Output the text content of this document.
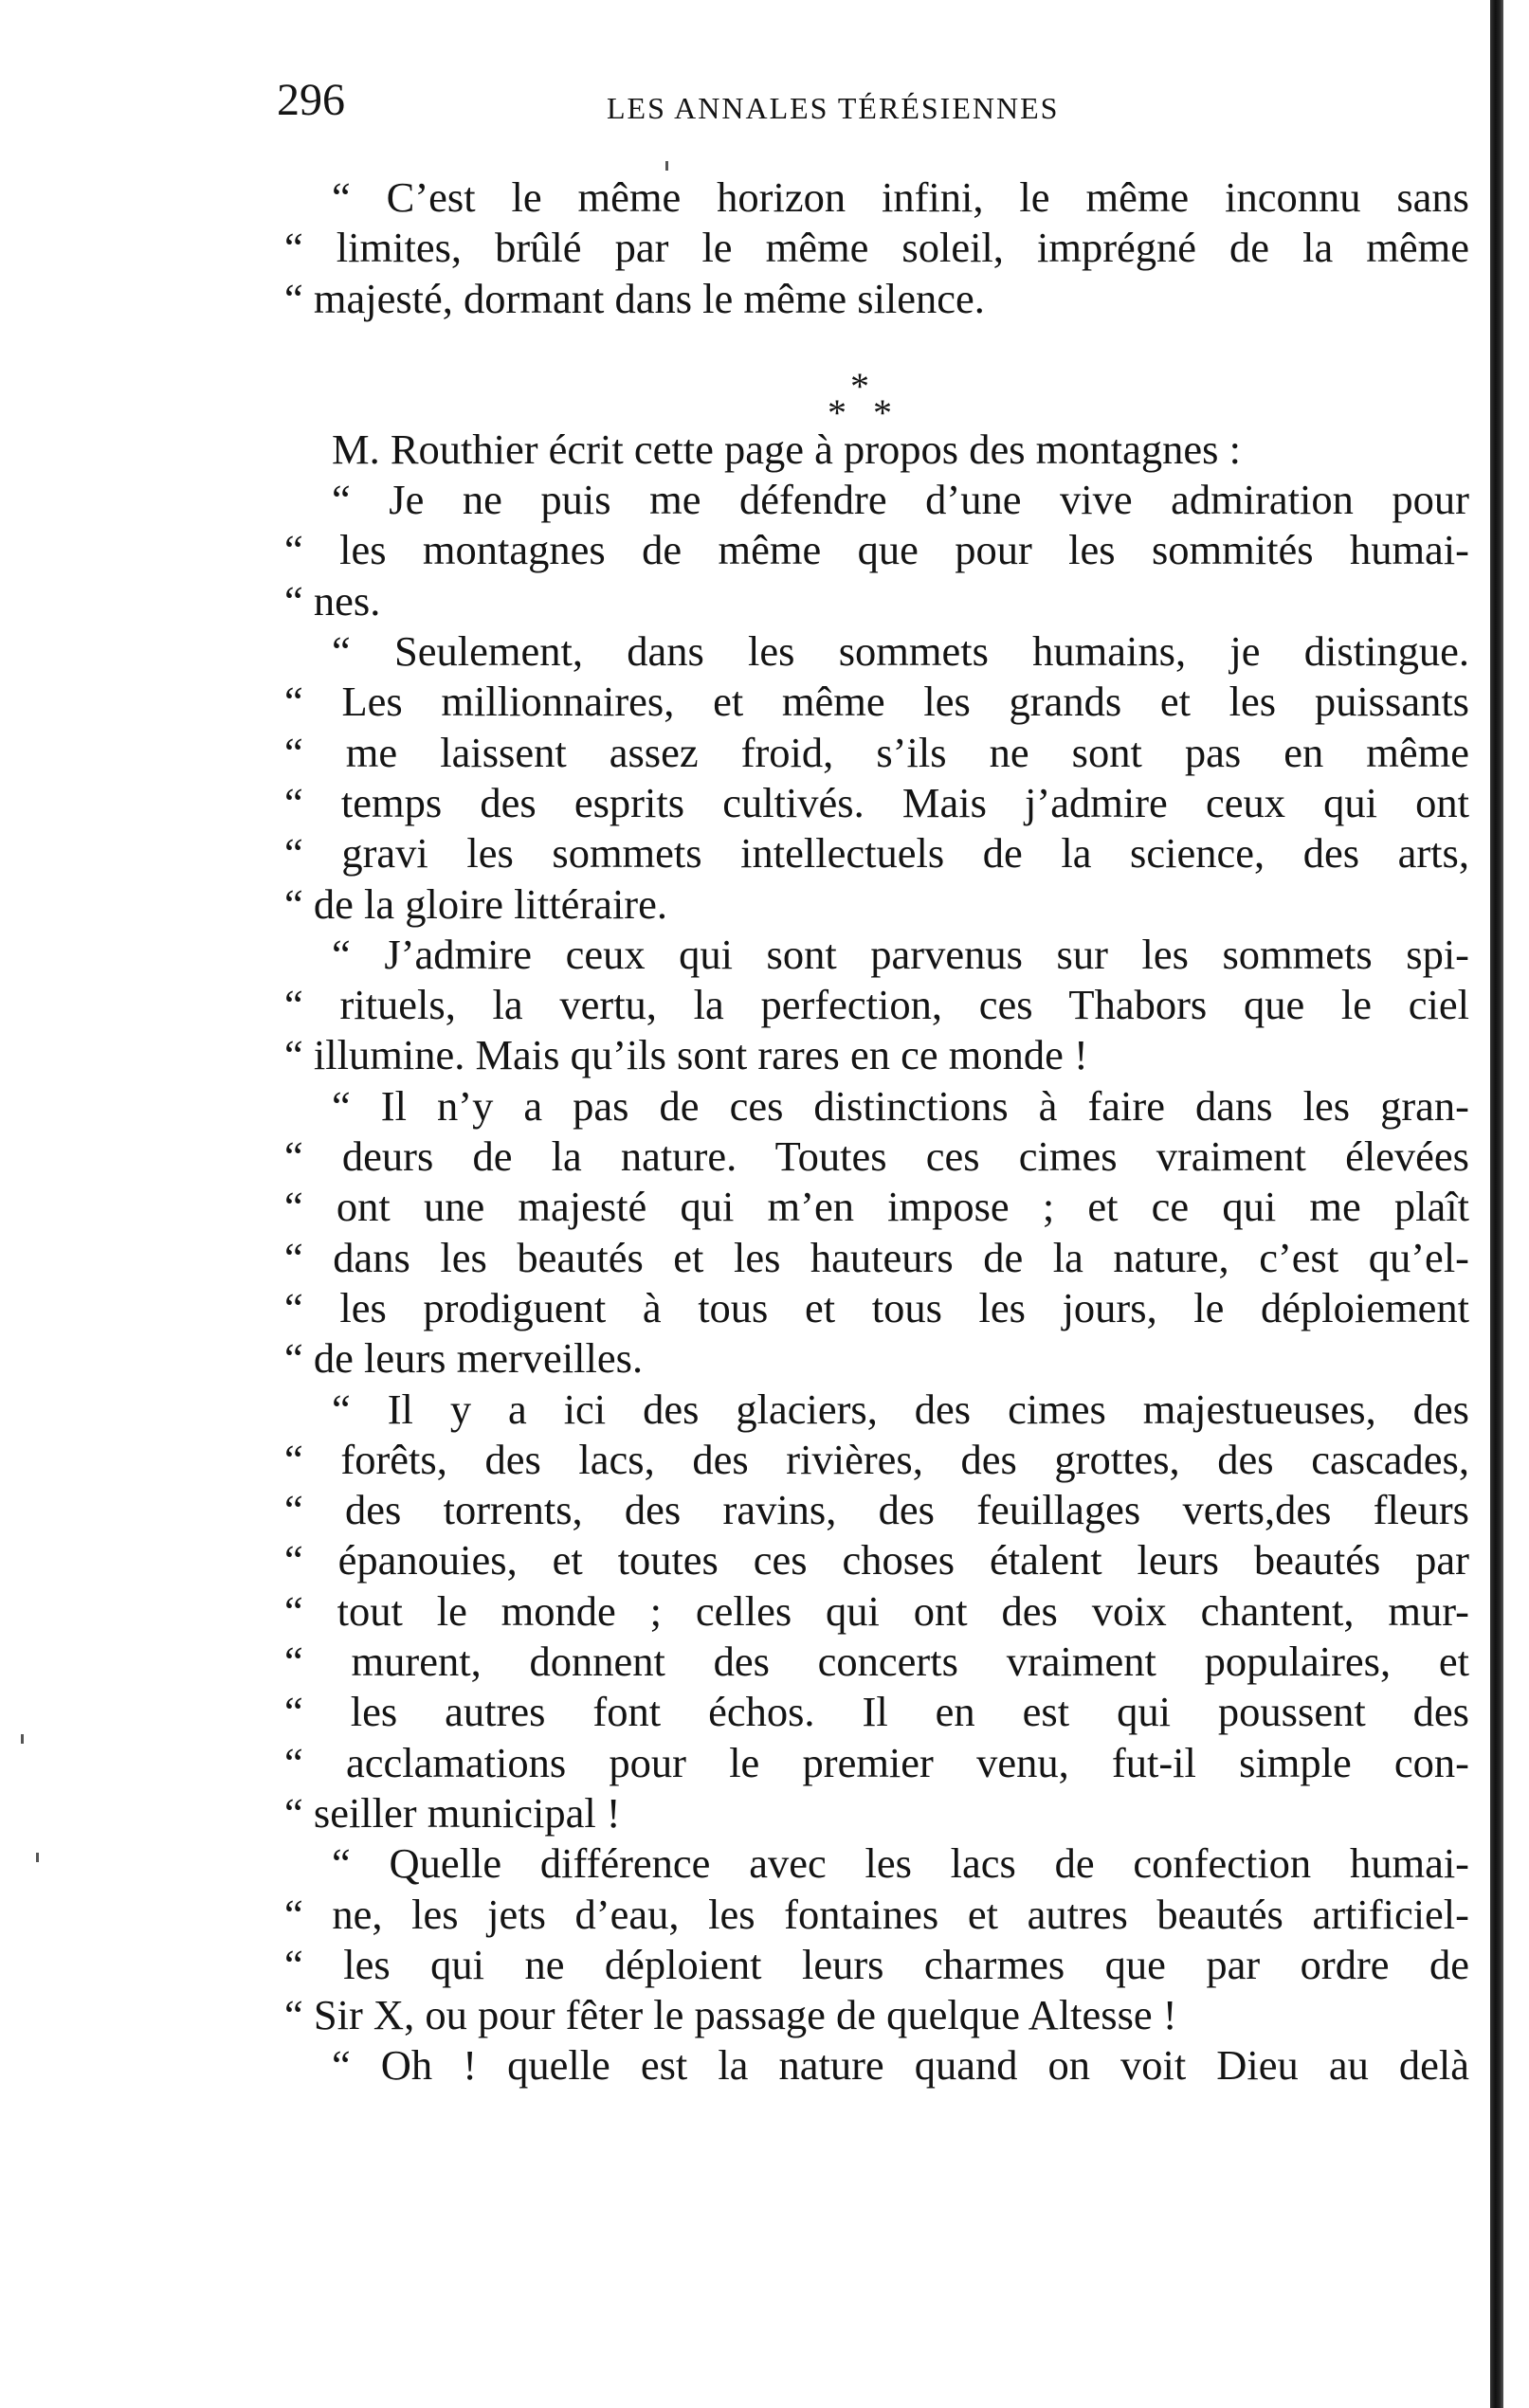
296	LES ANNALES TÉRÉSIENNES
“ C’est le même horizon infini, le même inconnu sans
“ limites, brûlé par le même soleil, imprégné de la même
“ majesté, dormant dans le même silence.
M. Routhier écrit cette page à propos des montagnes :
“ Je ne puis me défendre d’une vive admiration pour
“ les montagnes de même que pour les sommités humai-
“ nes.
“ Seulement, dans les sommets humains, je distingue.
“ Les millionnaires, et même les grands et les puissants
“ me laissent assez froid, s’ils ne sont pas en même
“ temps des esprits cultivés. Mais j’admire ceux qui ont
“ gravi les sommets intellectuels de la science, des arts,
“ de la gloire littéraire.
“ J’admire ceux qui sont parvenus sur les sommets spi-
“ rituels, la vertu, la perfection, ces Thabors que le ciel
“ illumine. Mais qu’ils sont rares en ce monde !
“ Il n’y a pas de ces distinctions à faire dans les gran-
“ deurs de la nature. Toutes ces cimes vraiment élevées
“ ont une majesté qui m’en impose ; et ce qui me plaît
“ dans les beautés et les hauteurs de la nature, c’est qu’el-
“ les prodiguent à tous et tous les jours, le déploiement
“ de leurs merveilles.
“ Il y a ici des glaciers, des cimes majestueuses, des
“ forêts, des lacs, des rivières, des grottes, des cascades,
“ des torrents, des ravins, des feuillages verts,des fleurs
“ épanouies, et toutes ces choses étalent leurs beautés par
“ tout le monde ; celles qui ont des voix chantent, mur-
“ murent, donnent des concerts vraiment populaires, et
“ les autres font échos. Il en est qui poussent des
“ acclamations pour le premier venu, fut-il simple con-
“ seiller municipal !
“ Quelle différence avec les lacs de confection humai-
“ ne, les jets d’eau, les fontaines et autres beautés artificiel-
“ les qui ne déploient leurs charmes que par ordre de
“ Sir X, ou pour fêter le passage de quelque Altesse !
“ Oh ! quelle est la nature quand on voit Dieu au delà
*
* *
